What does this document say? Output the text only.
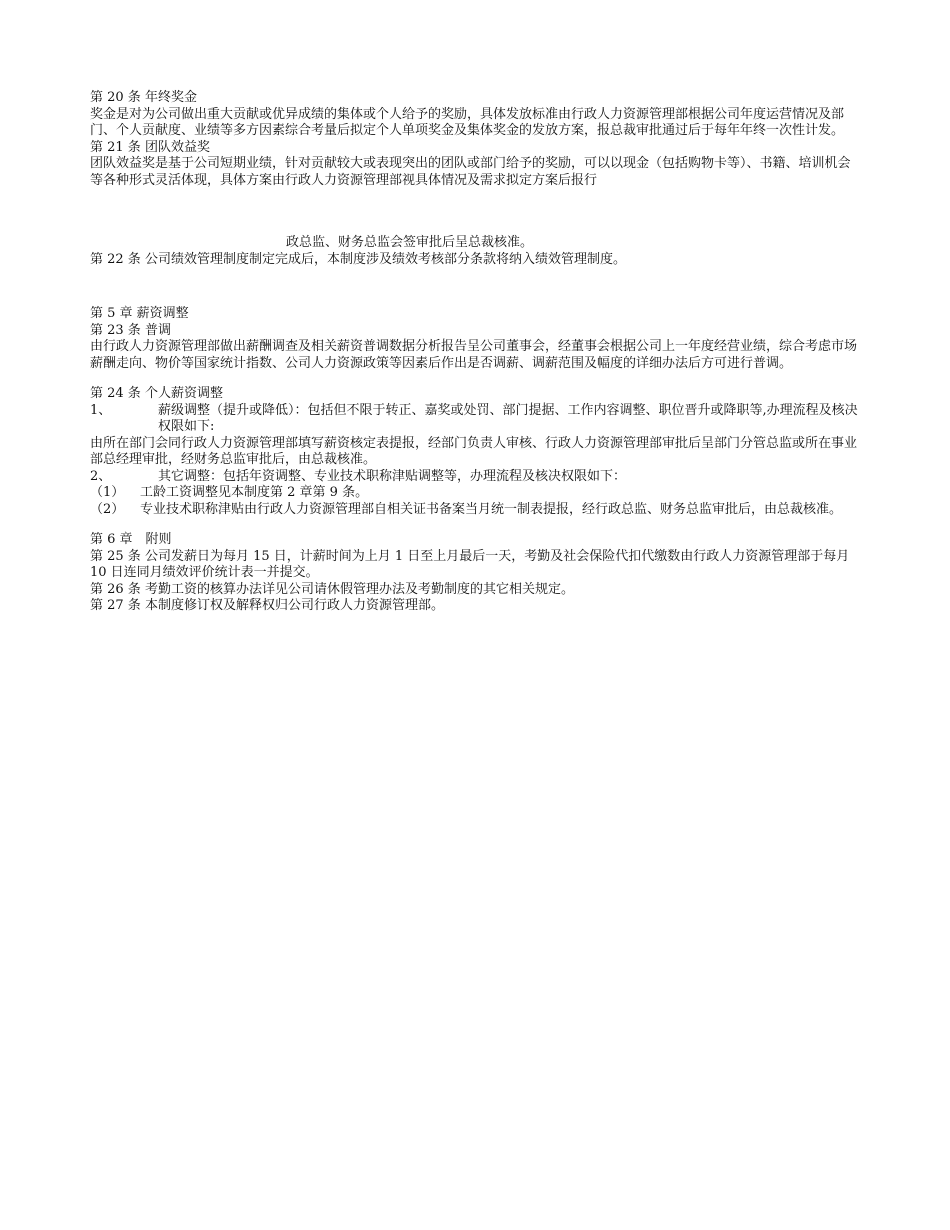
第 20 条 年终奖金

奖金是对为公司做出重大贡献或优异成绩的集体或个人给予的奖励，具体发放标准由行政人力资源管理部根据公司年度运营情况及部门、个人贡献度、业绩等多方因素综合考量后拟定个人单项奖金及集体奖金的发放方案，报总裁审批通过后于每年年终一次性计发。

第 21 条 团队效益奖

团队效益奖是基于公司短期业绩，针对贡献较大或表现突出的团队或部门给予的奖励，可以以现金（包括购物卡等）、书籍、培训机会等各种形式灵活体现，具体方案由行政人力资源管理部视具体情况及需求拟定方案后报行

政总监、财务总监会签审批后呈总裁核准。

第 22 条 公司绩效管理制度制定完成后，本制度涉及绩效考核部分条款将纳入绩效管理制度。

第 5 章 薪资调整

第 23 条 普调

由行政人力资源管理部做出薪酬调查及相关薪资普调数据分析报告呈公司董事会，经董事会根据公司上一年度经营业绩，综合考虑市场薪酬走向、物价等国家统计指数、公司人力资源政策等因素后作出是否调薪、调薪范围及幅度的详细办法后方可进行普调。

第 24 条 个人薪资调整

1、	薪级调整（提升或降低）：包括但不限于转正、嘉奖或处罚、部门提据、工作内容调整、职位晋升或降职等,办理流程及核决权限如下:

由所在部门会同行政人力资源管理部填写薪资核定表提报，经部门负责人审核、行政人力资源管理部审批后呈部门分管总监或所在事业部总经理审批，经财务总监审批后，由总裁核准。

2、	其它调整：包括年资调整、专业技术职称津贴调整等，办理流程及核决权限如下：
（1）	工龄工资调整见本制度第 2 章第 9 条。
（2）	专业技术职称津贴由行政人力资源管理部自相关证书备案当月统一制表提报，经行政总监、财务总监审批后，由总裁核准。

第 6 章　附则

第 25 条 公司发薪日为每月 15 日，计薪时间为上月 1 日至上月最后一天，考勤及社会保险代扣代缴数由行政人力资源管理部于每月 10 日连同月绩效评价统计表一并提交。

第 26 条 考勤工资的核算办法详见公司请休假管理办法及考勤制度的其它相关规定。

第 27 条 本制度修订权及解释权归公司行政人力资源管理部。
